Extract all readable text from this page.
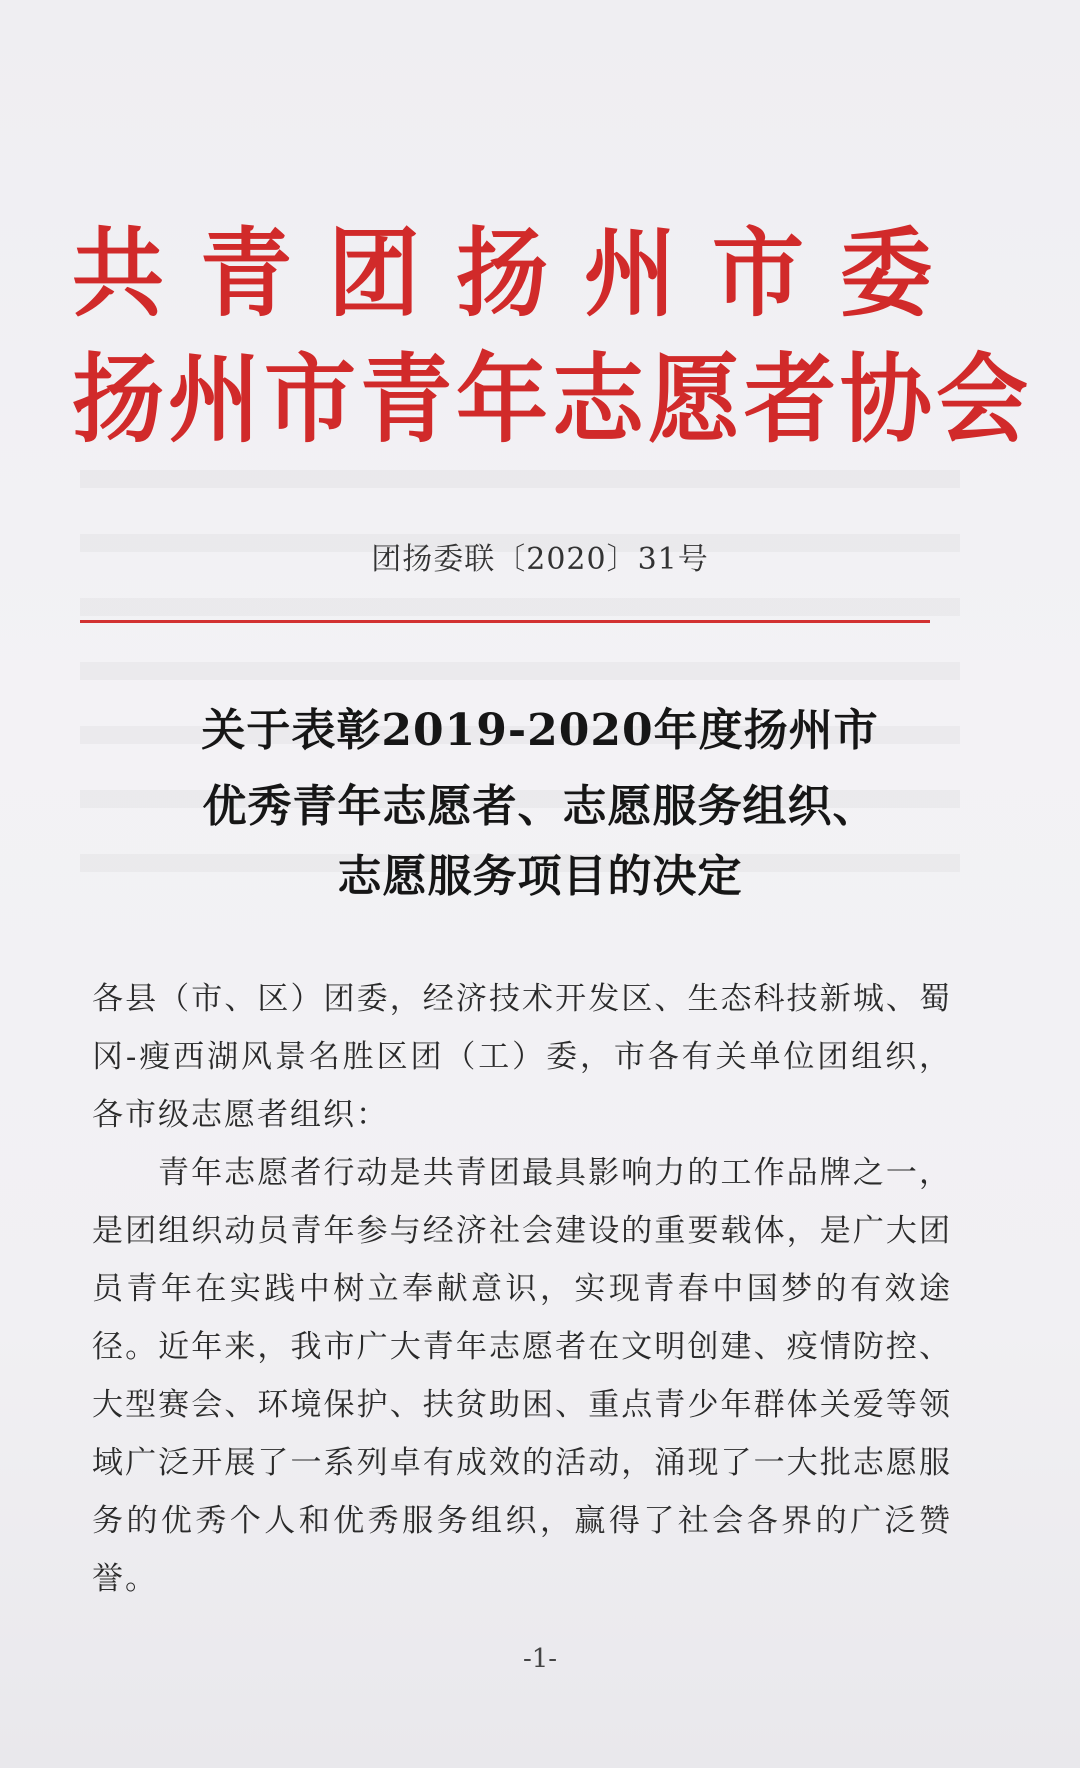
共青团扬州市委
扬州市青年志愿者协会
团扬委联〔2020〕31号
关于表彰2019-2020年度扬州市
优秀青年志愿者、志愿服务组织、
志愿服务项目的决定

各县（市、区）团委，经济技术开发区、生态科技新城、蜀冈-瘦西湖风景名胜区团（工）委，市各有关单位团组织，各市级志愿者组织：

青年志愿者行动是共青团最具影响力的工作品牌之一，是团组织动员青年参与经济社会建设的重要载体，是广大团员青年在实践中树立奉献意识，实现青春中国梦的有效途径。近年来，我市广大青年志愿者在文明创建、疫情防控、大型赛会、环境保护、扶贫助困、重点青少年群体关爱等领域广泛开展了一系列卓有成效的活动，涌现了一大批志愿服务的优秀个人和优秀服务组织，赢得了社会各界的广泛赞誉。

-1-
